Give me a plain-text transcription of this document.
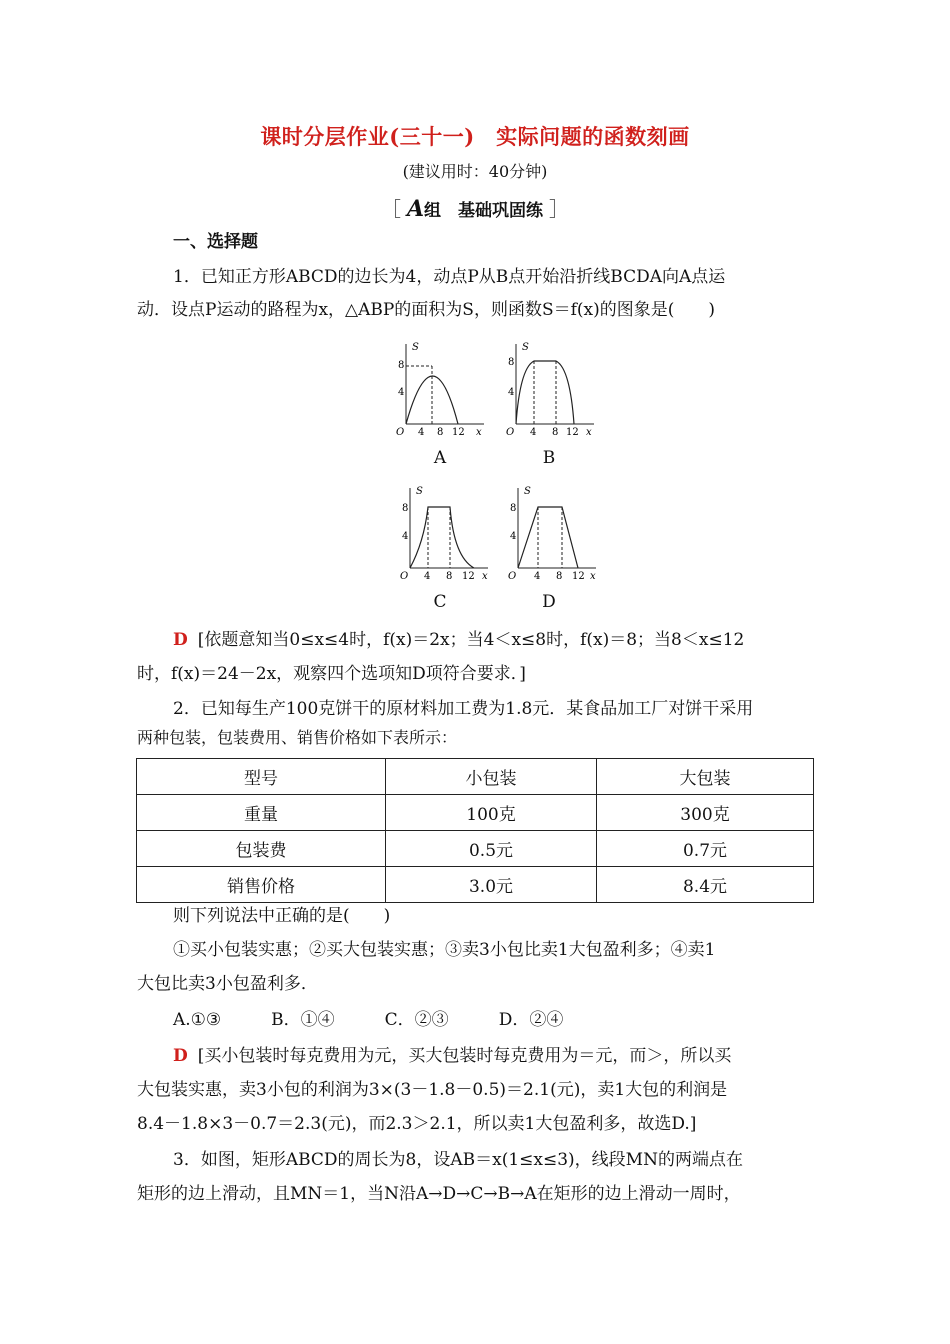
课时分层作业(三十一)　实际问题的函数刻画
(建议用时：40分钟)
［ A组　基础巩固练 ］
一、选择题
1．已知正方形ABCD的边长为4，动点P从B点开始沿折线BCDA向A点运
动．设点P运动的路程为x，△ABP的面积为S，则函数S＝f(x)的图象是(　　)
S
8
4
O 4 8 12 x
A
S
8
4
O 4 8 12 x
B
S
8
4
O 4 8 12 x
C
S
8
4
O 4 8 12 x
D
D [依题意知当0≤x≤4时，f(x)＝2x；当4＜x≤8时，f(x)＝8；当8＜x≤12
时，f(x)＝24－2x，观察四个选项知D项符合要求．]
2．已知每生产100克饼干的原材料加工费为1.8元．某食品加工厂对饼干采用
两种包装，包装费用、销售价格如下表所示：
型号	小包装	大包装
重量	100克	300克
包装费	0.5元	0.7元
销售价格	3.0元	8.4元
则下列说法中正确的是(　　)
①买小包装实惠；②买大包装实惠；③卖3小包比卖1大包盈利多；④卖1
大包比卖3小包盈利多．
A.①③	B．①④	C．②③	D．②④
D [买小包装时每克费用为元，买大包装时每克费用为＝元，而＞，所以买
大包装实惠，卖3小包的利润为3×(3－1.8－0.5)＝2.1(元)，卖1大包的利润是
8.4－1.8×3－0.7＝2.3(元)，而2.3＞2.1，所以卖1大包盈利多，故选D.]
3．如图，矩形ABCD的周长为8，设AB＝x(1≤x≤3)，线段MN的两端点在
矩形的边上滑动，且MN＝1，当N沿A→D→C→B→A在矩形的边上滑动一周时，
